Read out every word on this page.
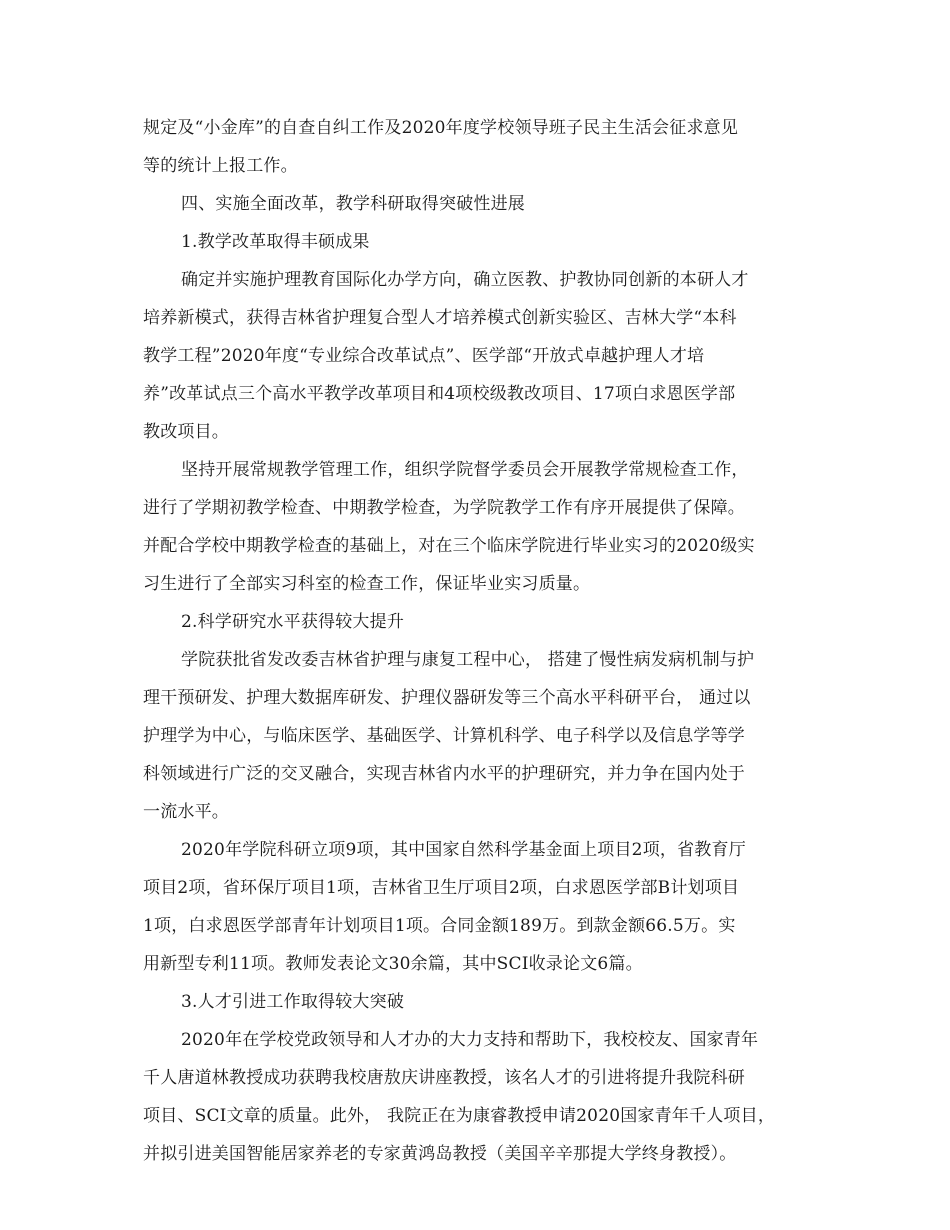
规定及“小金库”的自查自纠工作及2020年度学校领导班子民主生活会征求意见
等的统计上报工作。
四、实施全面改革，教学科研取得突破性进展
1.教学改革取得丰硕成果
确定并实施护理教育国际化办学方向，确立医教、护教协同创新的本研人才
培养新模式，获得吉林省护理复合型人才培养模式创新实验区、吉林大学“本科
教学工程”2020年度“专业综合改革试点”、医学部“开放式卓越护理人才培
养”改革试点三个高水平教学改革项目和4项校级教改项目、17项白求恩医学部
教改项目。
坚持开展常规教学管理工作，组织学院督学委员会开展教学常规检查工作，
进行了学期初教学检查、中期教学检查，为学院教学工作有序开展提供了保障。
并配合学校中期教学检查的基础上，对在三个临床学院进行毕业实习的2020级实
习生进行了全部实习科室的检查工作，保证毕业实习质量。
2.科学研究水平获得较大提升
学院获批省发改委吉林省护理与康复工程中心， 搭建了慢性病发病机制与护
理干预研发、护理大数据库研发、护理仪器研发等三个高水平科研平台， 通过以
护理学为中心，与临床医学、基础医学、计算机科学、电子科学以及信息学等学
科领域进行广泛的交叉融合，实现吉林省内水平的护理研究，并力争在国内处于
一流水平。
2020年学院科研立项9项，其中国家自然科学基金面上项目2项，省教育厅
项目2项，省环保厅项目1项，吉林省卫生厅项目2项，白求恩医学部B计划项目
1项，白求恩医学部青年计划项目1项。合同金额189万。到款金额66.5万。实
用新型专利11项。教师发表论文30余篇，其中SCI收录论文6篇。
3.人才引进工作取得较大突破
2020年在学校党政领导和人才办的大力支持和帮助下，我校校友、国家青年
千人唐道林教授成功获聘我校唐敖庆讲座教授，该名人才的引进将提升我院科研
项目、SCI文章的质量。此外， 我院正在为康睿教授申请2020国家青年千人项目，
并拟引进美国智能居家养老的专家黄鸿岛教授（美国辛辛那提大学终身教授）。
